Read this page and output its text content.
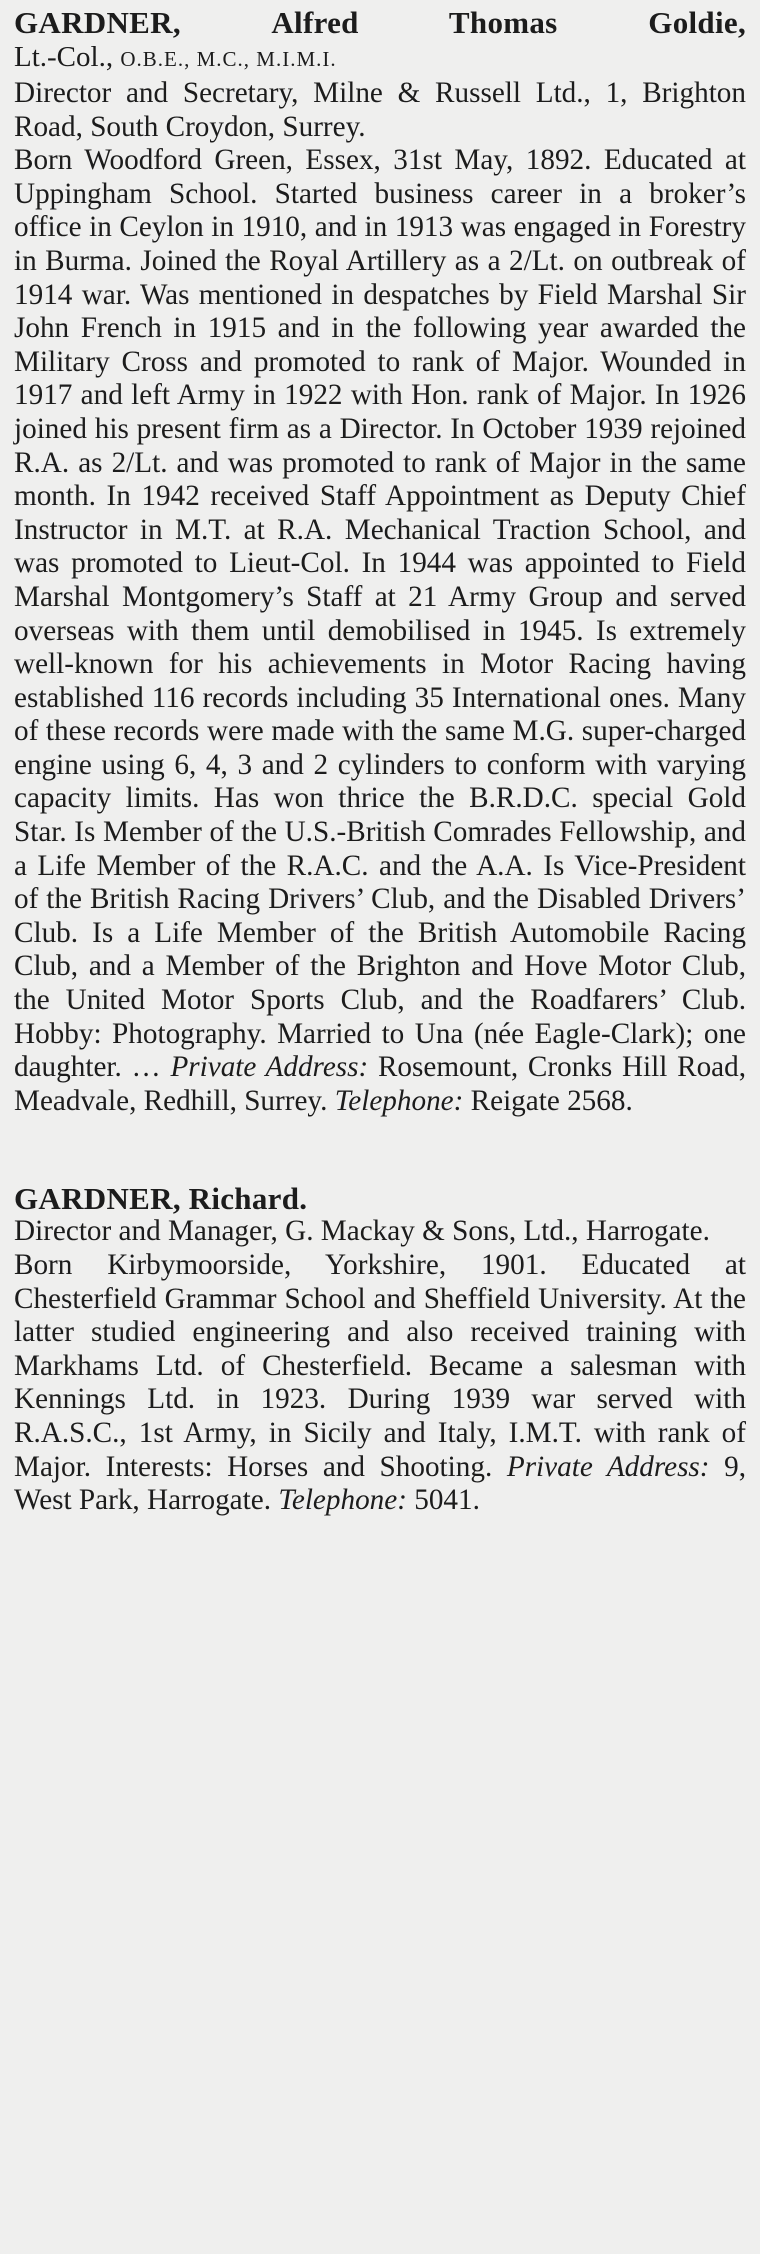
GARDNER,	Alfred Thomas Goldie,
Lt.-Col., O.B.E., M.C., M.I.M.I.

Director and Secretary, Milne & Russell Ltd., 1, Brighton Road, South Croydon, Surrey.

Born Woodford Green, Essex, 31st May, 1892. Educated at Uppingham School. Started business career in a broker’s office in Ceylon in 1910, and in 1913 was engaged in Forestry in Burma. Joined the Royal Artillery as a 2/Lt. on outbreak of 1914 war. Was mentioned in despatches by Field Marshal Sir John French in 1915 and in the following year awarded the Military Cross and promoted to rank of Major. Wounded in 1917 and left Army in 1922 with Hon. rank of Major. In 1926 joined his present firm as a Director. In October 1939 rejoined R.A. as 2/Lt. and was promoted to rank of Major in the same month. In 1942 received Staff Appointment as Deputy Chief Instructor in M.T. at R.A. Mechanical Traction School, and was promoted to Lieut-Col. In 1944 was appointed to Field Marshal Montgomery’s Staff at 21 Army Group and served overseas with them until demobilised in 1945. Is extremely well-known for his achievements in Motor Racing having established 116 records including 35 International ones. Many of these records were made with the same M.G. super-charged engine using 6, 4, 3 and 2 cylinders to conform with varying capacity limits. Has won thrice the B.R.D.C. special Gold Star. Is Member of the U.S.-British Comrades Fellowship, and a Life Member of the R.A.C. and the A.A. Is Vice-President of the British Racing Drivers’ Club, and the Disabled Drivers’ Club. Is a Life Member of the British Automobile Racing Club, and a Member of the Brighton and Hove Motor Club, the United Motor Sports Club, and the Roadfarers’ Club. Hobby: Photography. Married to Una (née Eagle-Clark); one daughter. … Private Address: Rosemount, Cronks Hill Road, Meadvale, Redhill, Surrey. Telephone: Reigate 2568.

GARDNER, Richard.

Director and Manager, G. Mackay & Sons, Ltd., Harrogate.

Born Kirbymoorside, Yorkshire, 1901. Educated at Chesterfield Grammar School and Sheffield University. At the latter studied engineering and also received training with Markhams Ltd. of Chesterfield. Became a salesman with Kennings Ltd. in 1923. During 1939 war served with R.A.S.C., 1st Army, in Sicily and Italy, I.M.T. with rank of Major. Interests: Horses and Shooting. Private Address: 9, West Park, Harrogate. Telephone: 5041.
